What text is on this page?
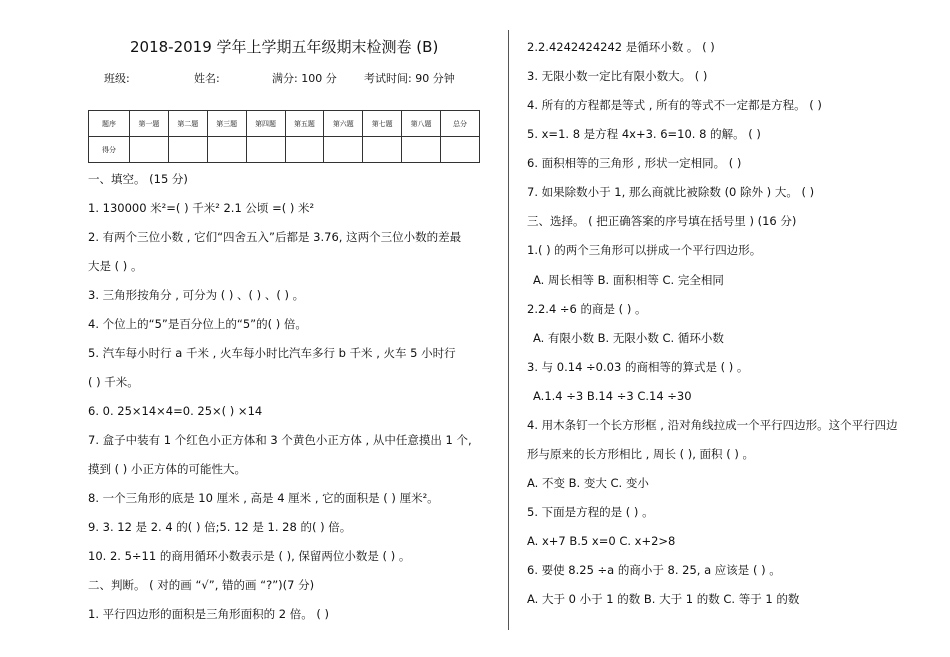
2018-2019 学年上学期五年级期末检测卷 (B)
班级:	姓名:	满分: 100 分 考试时间: 90 分钟
题序	第一题	第二题	第三题	第四题	第五题	第六题	第七题	第八题	总分
得分									
一、填空。 (15 分)
1. 130000 米²=( ) 千米² 2.1 公顷 =( ) 米²
2. 有两个三位小数 , 它们“四舍五入”后都是 3.76, 这两个三位小数的差最
大是 ( ) 。
3. 三角形按角分 , 可分为 ( ) 、( ) 、( ) 。
4. 个位上的“5”是百分位上的“5”的( ) 倍。
5. 汽车每小时行 a 千米 , 火车每小时比汽车多行 b 千米 , 火车 5 小时行
( ) 千米。
6. 0. 25×14×4=0. 25×( ) ×14
7. 盒子中装有 1 个红色小正方体和 3 个黄色小正方体 , 从中任意摸出 1 个,
摸到 ( ) 小正方体的可能性大。
8. 一个三角形的底是 10 厘米 , 高是 4 厘米 , 它的面积是 ( ) 厘米²。
9. 3. 12 是 2. 4 的( ) 倍;5. 12 是 1. 28 的( ) 倍。
10. 2. 5÷11 的商用循环小数表示是 ( ), 保留两位小数是 ( ) 。
二、判断。 ( 对的画 “√”, 错的画 “?”)(7 分)
1. 平行四边形的面积是三角形面积的 2 倍。 ( )
2.2.4242424242 是循环小数 。 ( )
3. 无限小数一定比有限小数大。 ( )
4. 所有的方程都是等式 , 所有的等式不一定都是方程。 ( )
5. x=1. 8 是方程 4x+3. 6=10. 8 的解。 ( )
6. 面积相等的三角形 , 形状一定相同。 ( )
7. 如果除数小于 1, 那么商就比被除数 (0 除外 ) 大。 ( )
三、选择。 ( 把正确答案的序号填在括号里 ) (16 分)
1.( ) 的两个三角形可以拼成一个平行四边形。
A. 周长相等 B. 面积相等 C. 完全相同
2.2.4 ÷6 的商是 ( ) 。
A. 有限小数 B. 无限小数 C. 循环小数
3. 与 0.14 ÷0.03 的商相等的算式是 ( ) 。
A.1.4 ÷3 B.14 ÷3 C.14 ÷30
4. 用木条钉一个长方形框 , 沿对角线拉成一个平行四边形。这个平行四边
形与原来的长方形相比 , 周长 ( ), 面积 ( ) 。
A. 不变 B. 变大 C. 变小
5. 下面是方程的是 ( ) 。
A. x+7 B.5 x=0 C. x+2>8
6. 要使 8.25 ÷a 的商小于 8. 25, a 应该是 ( ) 。
A. 大于 0 小于 1 的数 B. 大于 1 的数 C. 等于 1 的数
